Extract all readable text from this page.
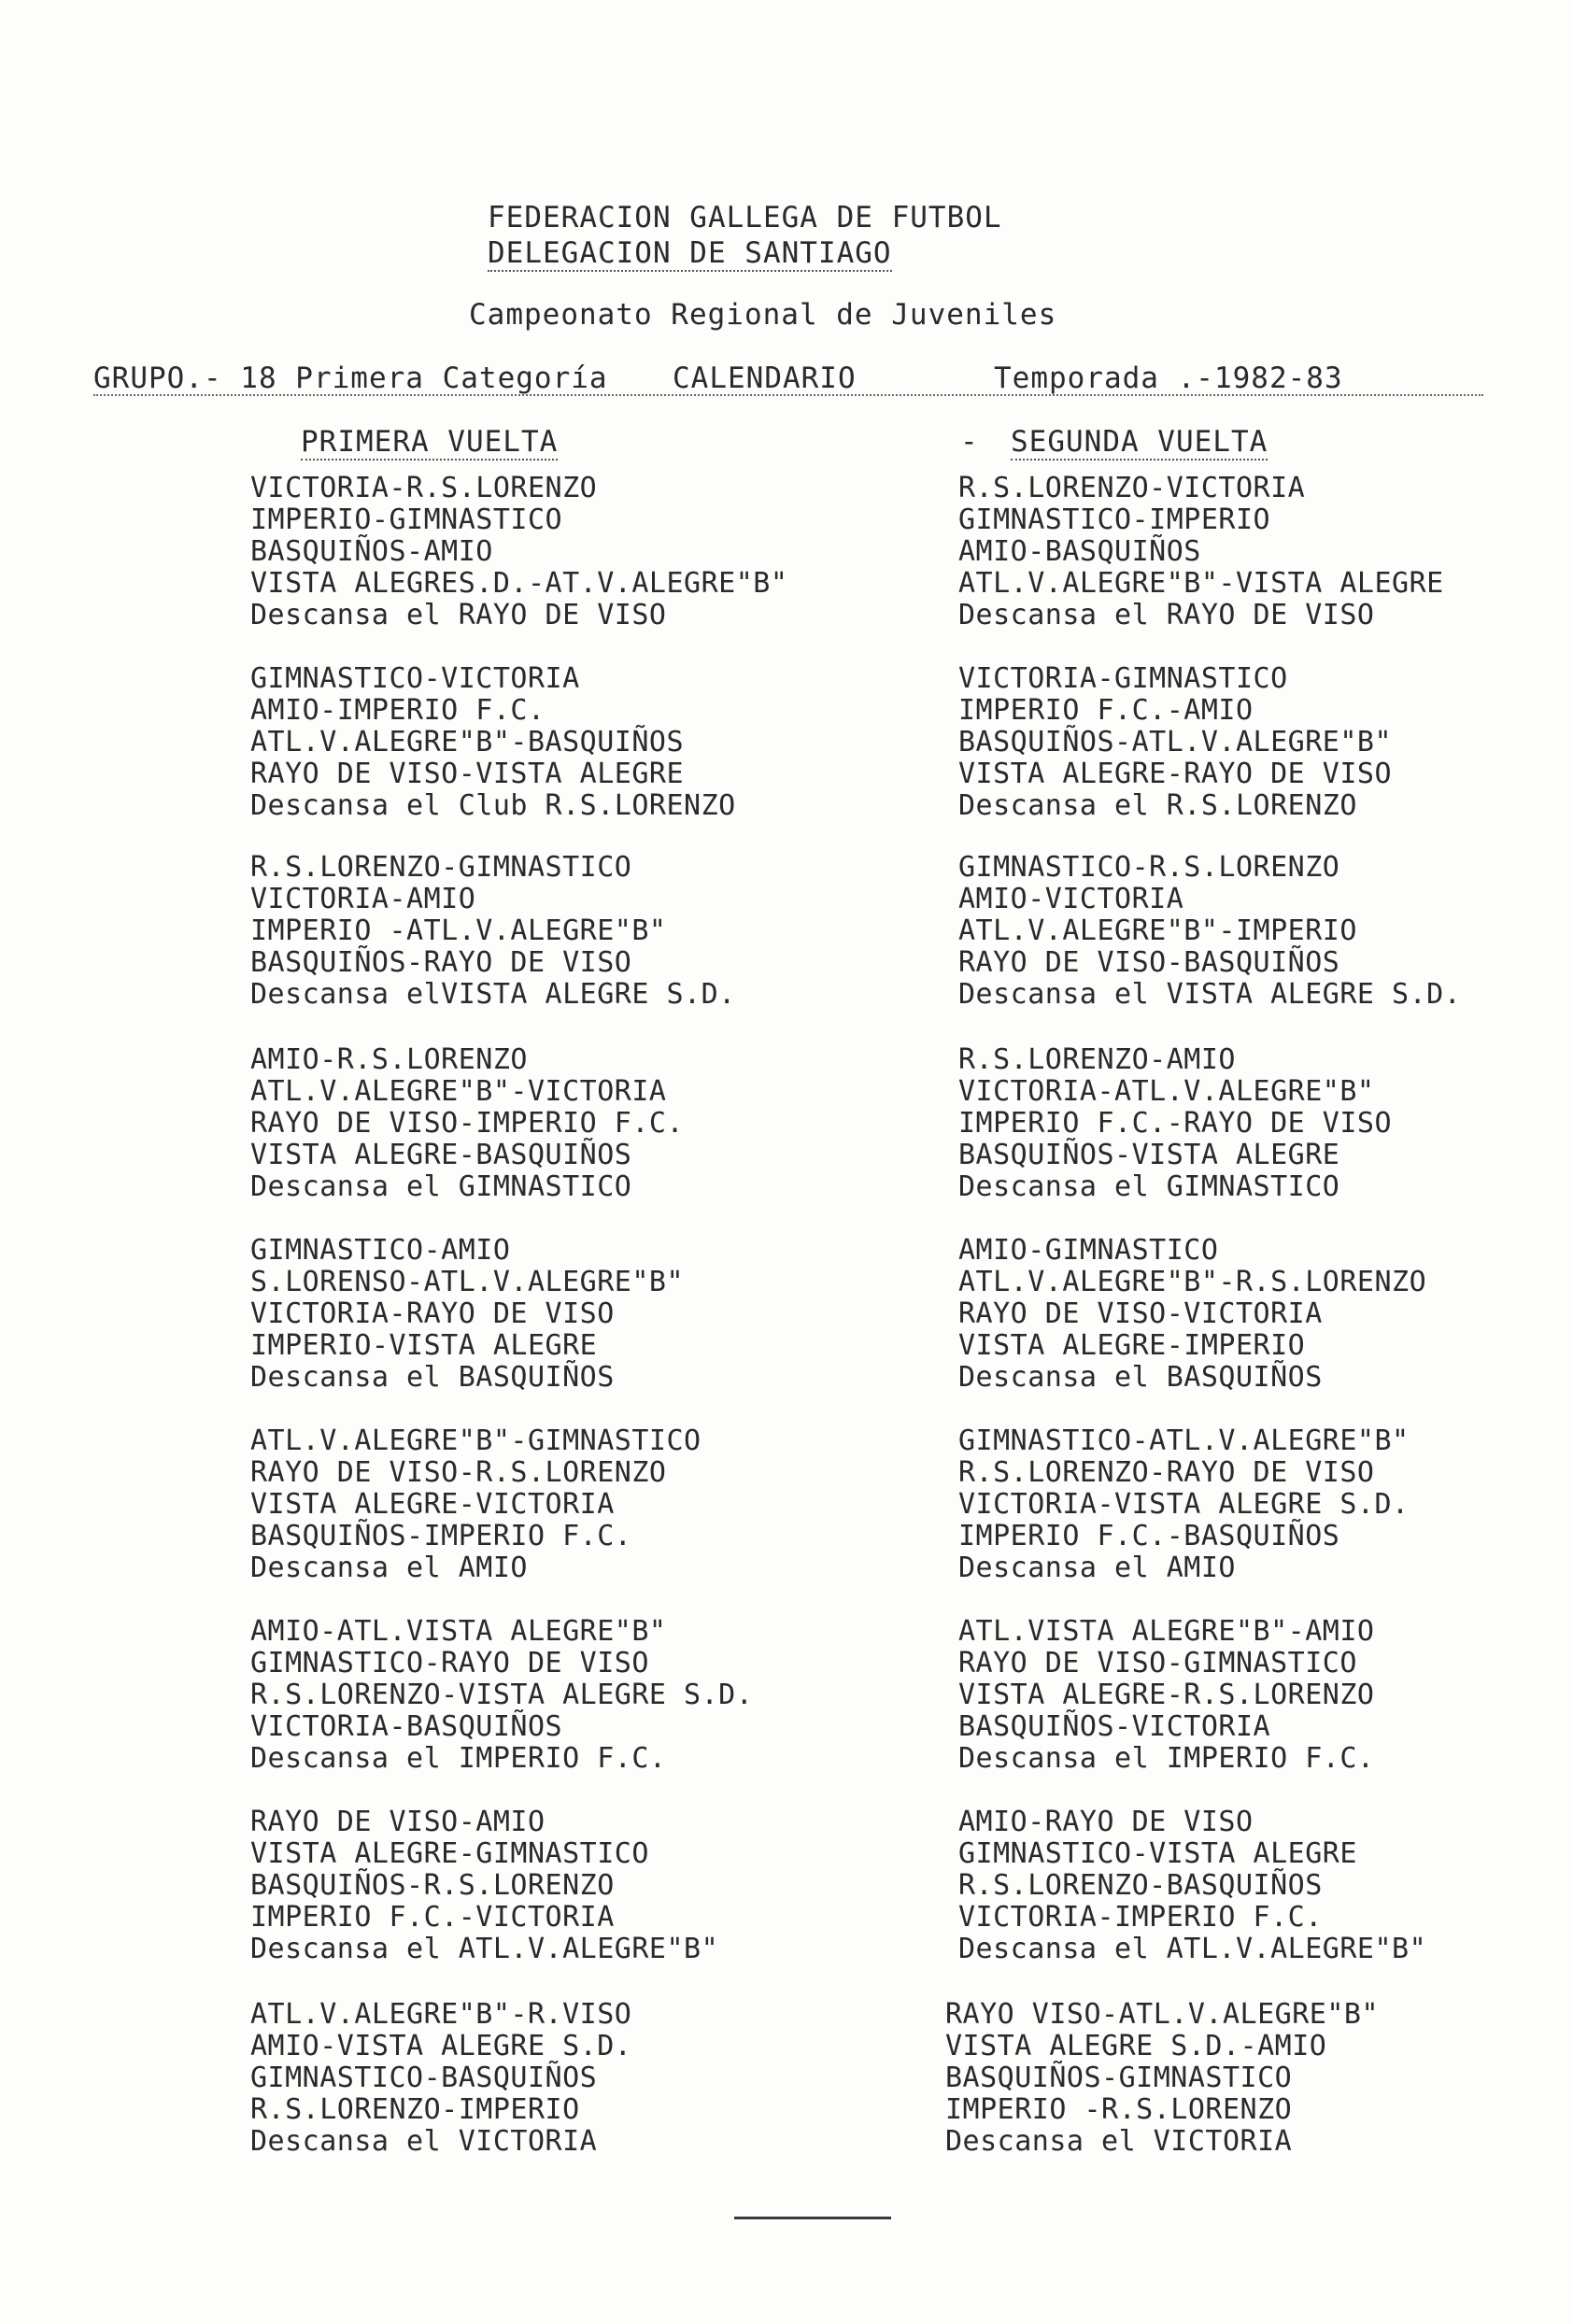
FEDERACION GALLEGA DE FUTBOL
DELEGACION DE SANTIAGO
Campeonato Regional de Juveniles
GRUPO.- 18 Primera Categoría CALENDARIO	Temporada .-1982-83
PRIMERA VUELTA	- SEGUNDA VUELTA
VICTORIA-R.S.LORENZO
IMPERIO-GIMNASTICO
BASQUIÑOS-AMIO
VISTA ALEGRES.D.-AT.V.ALEGRE"B"
Descansa el RAYO DE VISO
GIMNASTICO-VICTORIA
AMIO-IMPERIO F.C.
ATL.V.ALEGRE"B"-BASQUIÑOS
RAYO DE VISO-VISTA ALEGRE
Descansa el Club R.S.LORENZO
R.S.LORENZO-GIMNASTICO
VICTORIA-AMIO
IMPERIO -ATL.V.ALEGRE"B"
BASQUIÑOS-RAYO DE VISO
Descansa elVISTA ALEGRE S.D.
AMIO-R.S.LORENZO
ATL.V.ALEGRE"B"-VICTORIA
RAYO DE VISO-IMPERIO F.C.
VISTA ALEGRE-BASQUIÑOS
Descansa el GIMNASTICO
GIMNASTICO-AMIO
S.LORENSO-ATL.V.ALEGRE"B"
VICTORIA-RAYO DE VISO
IMPERIO-VISTA ALEGRE
Descansa el BASQUIÑOS
ATL.V.ALEGRE"B"-GIMNASTICO
RAYO DE VISO-R.S.LORENZO
VISTA ALEGRE-VICTORIA
BASQUIÑOS-IMPERIO F.C.
Descansa el AMIO
AMIO-ATL.VISTA ALEGRE"B"
GIMNASTICO-RAYO DE VISO
R.S.LORENZO-VISTA ALEGRE S.D.
VICTORIA-BASQUIÑOS
Descansa el IMPERIO F.C.
RAYO DE VISO-AMIO
VISTA ALEGRE-GIMNASTICO
BASQUIÑOS-R.S.LORENZO
IMPERIO F.C.-VICTORIA
Descansa el ATL.V.ALEGRE"B"
ATL.V.ALEGRE"B"-R.VISO
AMIO-VISTA ALEGRE S.D.
GIMNASTICO-BASQUIÑOS
R.S.LORENZO-IMPERIO
Descansa el VICTORIA
R.S.LORENZO-VICTORIA
GIMNASTICO-IMPERIO
AMIO-BASQUIÑOS
ATL.V.ALEGRE"B"-VISTA ALEGRE
Descansa el RAYO DE VISO
VICTORIA-GIMNASTICO
IMPERIO F.C.-AMIO
BASQUIÑOS-ATL.V.ALEGRE"B"
VISTA ALEGRE-RAYO DE VISO
Descansa el R.S.LORENZO
GIMNASTICO-R.S.LORENZO
AMIO-VICTORIA
ATL.V.ALEGRE"B"-IMPERIO
RAYO DE VISO-BASQUIÑOS
Descansa el VISTA ALEGRE S.D.
R.S.LORENZO-AMIO
VICTORIA-ATL.V.ALEGRE"B"
IMPERIO F.C.-RAYO DE VISO
BASQUIÑOS-VISTA ALEGRE
Descansa el GIMNASTICO
AMIO-GIMNASTICO
ATL.V.ALEGRE"B"-R.S.LORENZO
RAYO DE VISO-VICTORIA
VISTA ALEGRE-IMPERIO
Descansa el BASQUIÑOS
GIMNASTICO-ATL.V.ALEGRE"B"
R.S.LORENZO-RAYO DE VISO
VICTORIA-VISTA ALEGRE S.D.
IMPERIO F.C.-BASQUIÑOS
Descansa el AMIO
ATL.VISTA ALEGRE"B"-AMIO
RAYO DE VISO-GIMNASTICO
VISTA ALEGRE-R.S.LORENZO
BASQUIÑOS-VICTORIA
Descansa el IMPERIO F.C.
AMIO-RAYO DE VISO
GIMNASTICO-VISTA ALEGRE
R.S.LORENZO-BASQUIÑOS
VICTORIA-IMPERIO F.C.
Descansa el ATL.V.ALEGRE"B"
RAYO VISO-ATL.V.ALEGRE"B"
VISTA ALEGRE S.D.-AMIO
BASQUIÑOS-GIMNASTICO
IMPERIO -R.S.LORENZO
Descansa el VICTORIA
